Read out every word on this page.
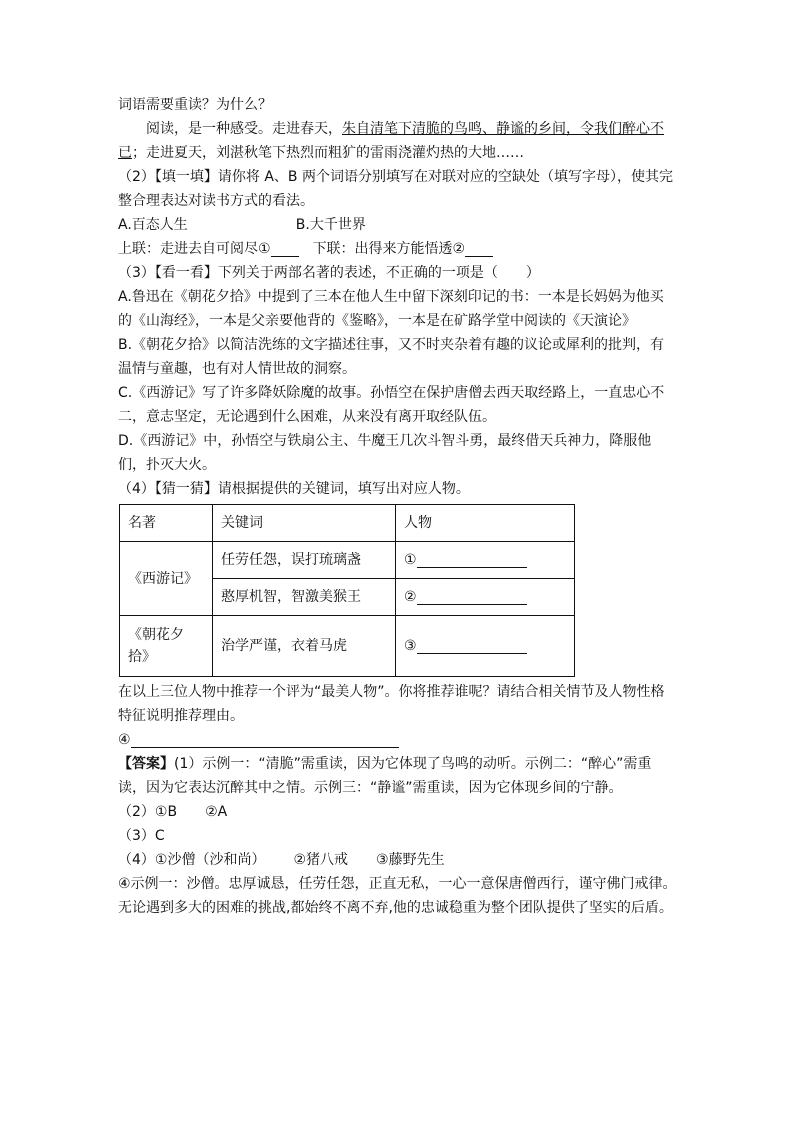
词语需要重读？为什么？
阅读，是一种感受。走进春天，朱自清笔下清脆的鸟鸣、静谧的乡间，令我们醉心不
已；走进夏天，刘湛秋笔下热烈而粗犷的雷雨浇灌灼热的大地……
（2）【填一填】请你将 A、B 两个词语分别填写在对联对应的空缺处（填写字母），使其完
整合理表达对读书方式的看法。
A.百态人生	B.大千世界
上联：走进去自可阅尽①	下联：出得来方能悟透②
（3）【看一看】下列关于两部名著的表述，不正确的一项是（　　）
A.鲁迅在《朝花夕拾》中提到了三本在他人生中留下深刻印记的书：一本是长妈妈为他买
的《山海经》，一本是父亲要他背的《鉴略》，一本是在矿路学堂中阅读的《天演论》
B.《朝花夕拾》以简洁洗练的文字描述往事，又不时夹杂着有趣的议论或犀利的批判，有
温情与童趣，也有对人情世故的洞察。
C.《西游记》写了许多降妖除魔的故事。孙悟空在保护唐僧去西天取经路上，一直忠心不
二，意志坚定，无论遇到什么困难，从来没有离开取经队伍。
D.《西游记》中，孙悟空与铁扇公主、牛魔王几次斗智斗勇，最终借天兵神力，降服他
们，扑灭大火。
（4）【猜一猜】请根据提供的关键词，填写出对应人物。
名著	关键词	人物
《西游记》	任劳任怨，误打琉璃盏	①
	憨厚机智，智激美猴王	②
《朝花夕
拾》	治学严谨，衣着马虎	③
在以上三位人物中推荐一个评为“最美人物”。你将推荐谁呢？请结合相关情节及人物性格
特征说明推荐理由。
④
【答案】(1）示例一：“清脆”需重读，因为它体现了鸟鸣的动听。示例二：“醉心”需重
读，因为它表达沉醉其中之情。示例三：“静谧”需重读，因为它体现乡间的宁静。
（2）①B ②A
（3）C
（4）①沙僧（沙和尚） ②猪八戒 ③藤野先生
④示例一：沙僧。忠厚诚恳，任劳任怨，正直无私，一心一意保唐僧西行，谨守佛门戒律。
无论遇到多大的困难的挑战,都始终不离不弃,他的忠诚稳重为整个团队提供了坚实的后盾。
